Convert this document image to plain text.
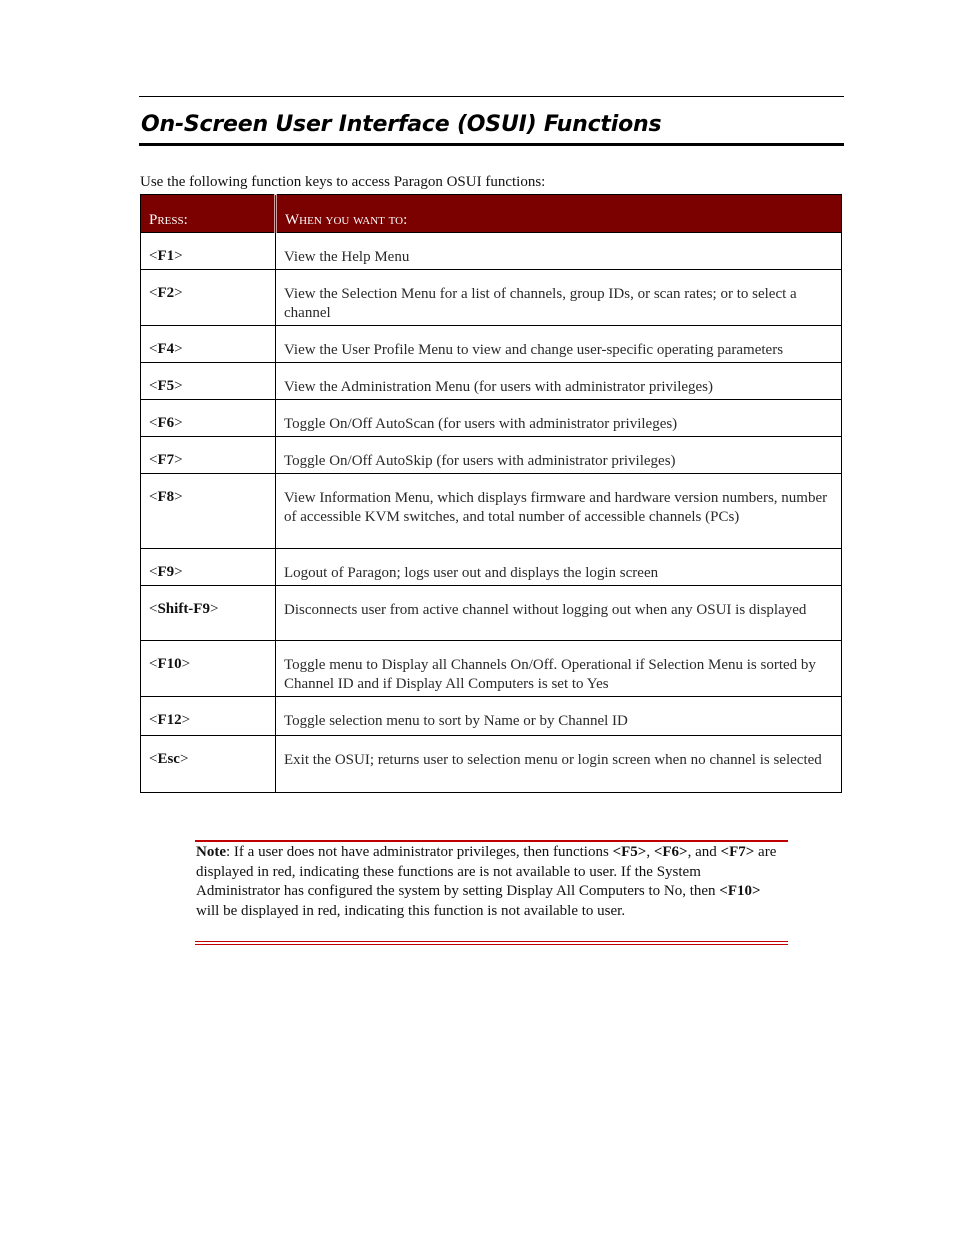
On-Screen User Interface (OSUI) Functions

Use the following function keys to access Paragon OSUI functions:

Press:	When you want to:
<F1>	View the Help Menu
<F2>	View the Selection Menu for a list of channels, group IDs, or scan rates; or to select a channel
<F4>	View the User Profile Menu to view and change user-specific operating parameters
<F5>	View the Administration Menu (for users with administrator privileges)
<F6>	Toggle On/Off AutoScan (for users with administrator privileges)
<F7>	Toggle On/Off AutoSkip (for users with administrator privileges)
<F8>	View Information Menu, which displays firmware and hardware version numbers, number of accessible KVM switches, and total number of accessible channels (PCs)
<F9>	Logout of Paragon; logs user out and displays the login screen
<Shift-F9>	Disconnects user from active channel without logging out when any OSUI is displayed
<F10>	Toggle menu to Display all Channels On/Off. Operational if Selection Menu is sorted by Channel ID and if Display All Computers is set to Yes
<F12>	Toggle selection menu to sort by Name or by Channel ID
<Esc>	Exit the OSUI; returns user to selection menu or login screen when no channel is selected

Note: If a user does not have administrator privileges, then functions <F5>, <F6>, and <F7> are displayed in red, indicating these functions are is not available to user. If the System Administrator has configured the system by setting Display All Computers to No, then <F10> will be displayed in red, indicating this function is not available to user.
